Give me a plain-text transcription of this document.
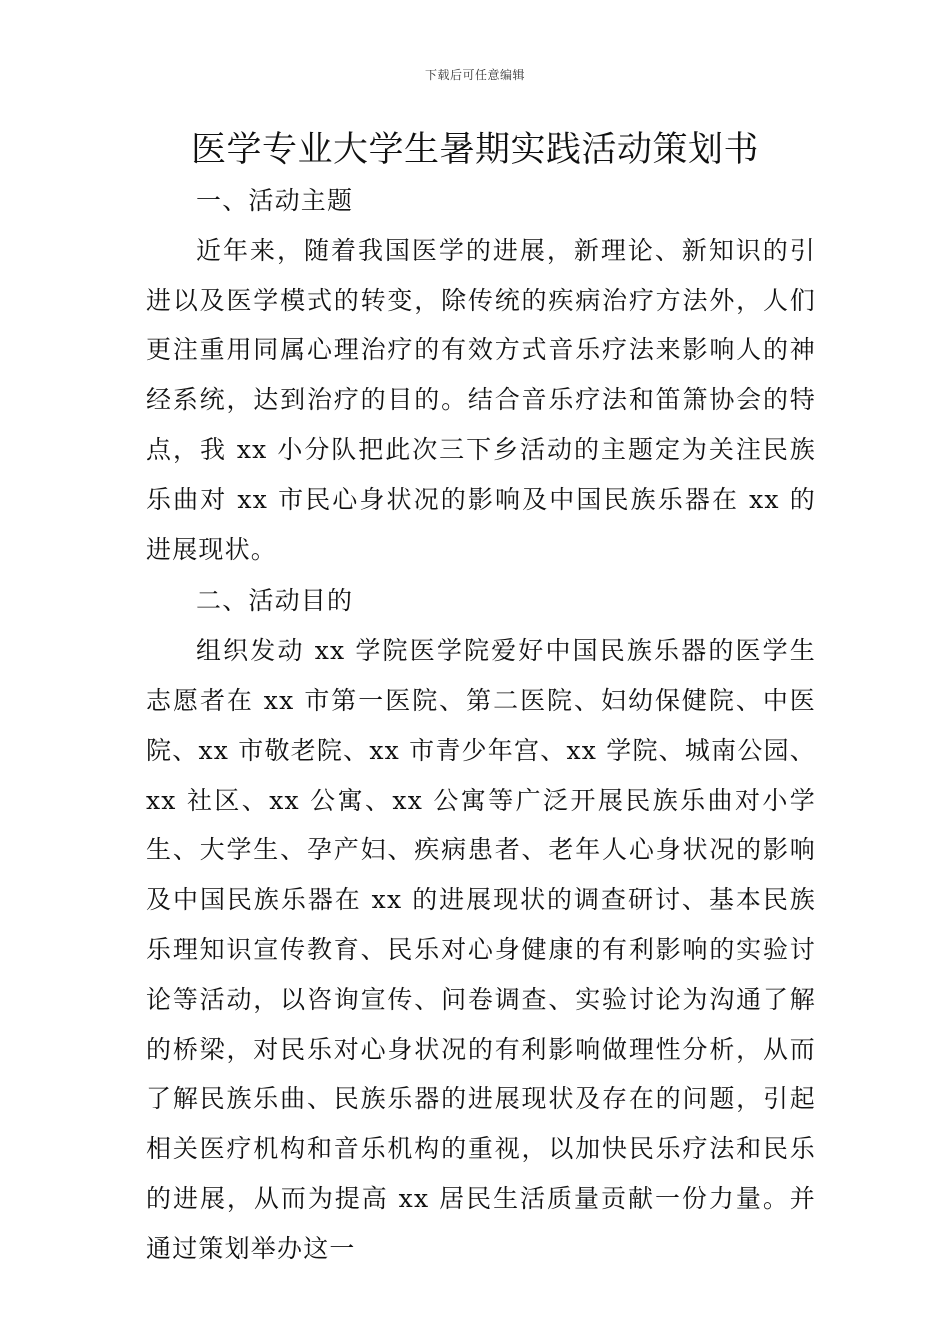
下载后可任意编辑
医学专业大学生暑期实践活动策划书

一、活动主题

近年来，随着我国医学的进展，新理论、新知识的引进以及医学模式的转变，除传统的疾病治疗方法外，人们更注重用同属心理治疗的有效方式音乐疗法来影响人的神经系统，达到治疗的目的。结合音乐疗法和笛箫协会的特点，我 xx 小分队把此次三下乡活动的主题定为关注民族乐曲对 xx 市民心身状况的影响及中国民族乐器在 xx 的进展现状。

二、活动目的

组织发动 xx 学院医学院爱好中国民族乐器的医学生志愿者在 xx 市第一医院、第二医院、妇幼保健院、中医院、xx 市敬老院、xx 市青少年宫、xx 学院、城南公园、xx 社区、xx 公寓、xx 公寓等广泛开展民族乐曲对小学生、大学生、孕产妇、疾病患者、老年人心身状况的影响及中国民族乐器在 xx 的进展现状的调查研讨、基本民族乐理知识宣传教育、民乐对心身健康的有利影响的实验讨论等活动，以咨询宣传、问卷调查、实验讨论为沟通了解的桥梁，对民乐对心身状况的有利影响做理性分析，从而了解民族乐曲、民族乐器的进展现状及存在的问题，引起相关医疗机构和音乐机构的重视，以加快民乐疗法和民乐的进展，从而为提高 xx 居民生活质量贡献一份力量。并通过策划举办这一
